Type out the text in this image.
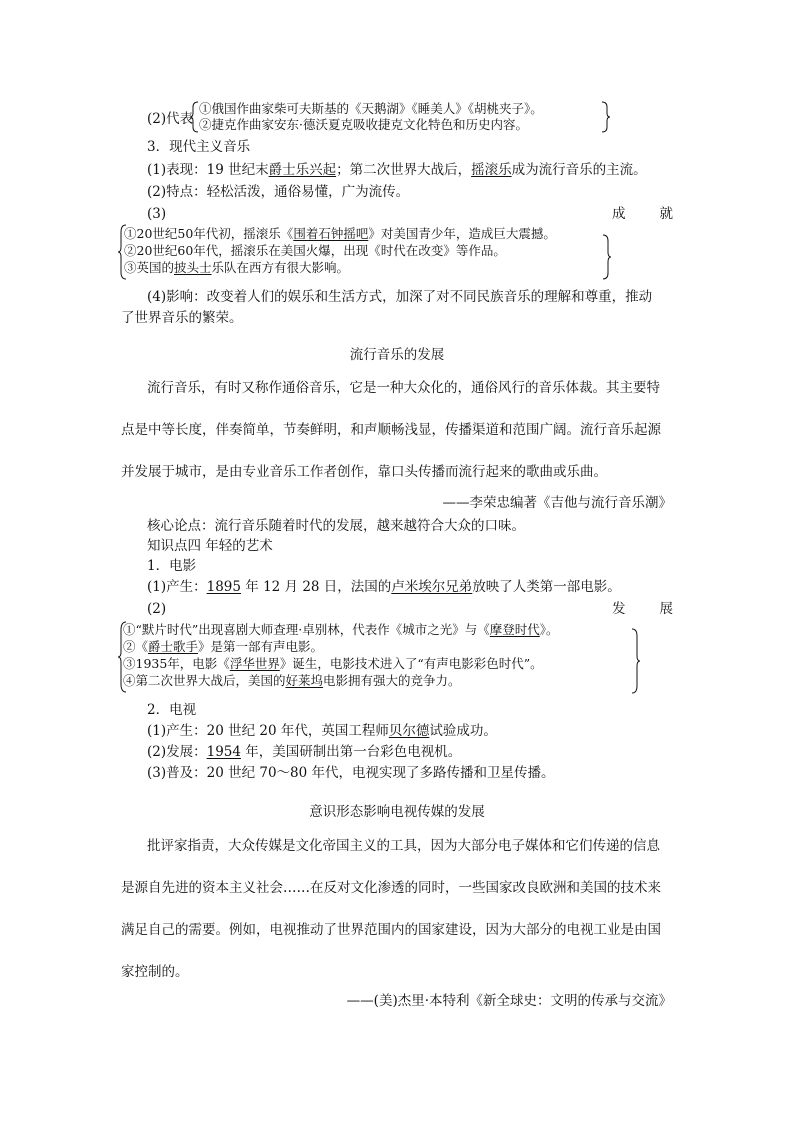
(2)代表
①俄国作曲家柴可夫斯基的《天鹅湖》《睡美人》《胡桃夹子》。
②捷克作曲家安东·德沃夏克吸收捷克文化特色和历史内容。
3．现代主义音乐
(1)表现：19 世纪末爵士乐兴起；第二次世界大战后，摇滚乐成为流行音乐的主流。
(2)特点：轻松活泼，通俗易懂，广为流传。
(3)	成	就
①20世纪50年代初，摇滚乐《围着石钟摇吧》对美国青少年，造成巨大震撼。
②20世纪60年代，摇滚乐在美国火爆，出现《时代在改变》等作品。
③英国的披头士乐队在西方有很大影响。
(4)影响：改变着人们的娱乐和生活方式，加深了对不同民族音乐的理解和尊重，推动
了世界音乐的繁荣。
流行音乐的发展
流行音乐，有时又称作通俗音乐，它是一种大众化的，通俗风行的音乐体裁。其主要特
点是中等长度，伴奏简单，节奏鲜明，和声顺畅浅显，传播渠道和范围广阔。流行音乐起源
并发展于城市，是由专业音乐工作者创作，靠口头传播而流行起来的歌曲或乐曲。
——李荣忠编著《吉他与流行音乐潮》
核心论点：流行音乐随着时代的发展，越来越符合大众的口味。
知识点四 年轻的艺术
1．电影
(1)产生：1895 年 12 月 28 日，法国的卢米埃尔兄弟放映了人类第一部电影。
(2)	发	展
①“默片时代”出现喜剧大师查理·卓别林，代表作《城市之光》与《摩登时代》。
②《爵士歌手》是第一部有声电影。
③1935年，电影《浮华世界》诞生，电影技术进入了“有声电影彩色时代”。
④第二次世界大战后，美国的好莱坞电影拥有强大的竞争力。
2．电视
(1)产生：20 世纪 20 年代，英国工程师贝尔德试验成功。
(2)发展：1954 年，美国研制出第一台彩色电视机。
(3)普及：20 世纪 70～80 年代，电视实现了多路传播和卫星传播。
意识形态影响电视传媒的发展
批评家指责，大众传媒是文化帝国主义的工具，因为大部分电子媒体和它们传递的信息
是源自先进的资本主义社会……在反对文化渗透的同时，一些国家改良欧洲和美国的技术来
满足自己的需要。例如，电视推动了世界范围内的国家建设，因为大部分的电视工业是由国
家控制的。
——(美)杰里·本特利《新全球史：文明的传承与交流》
